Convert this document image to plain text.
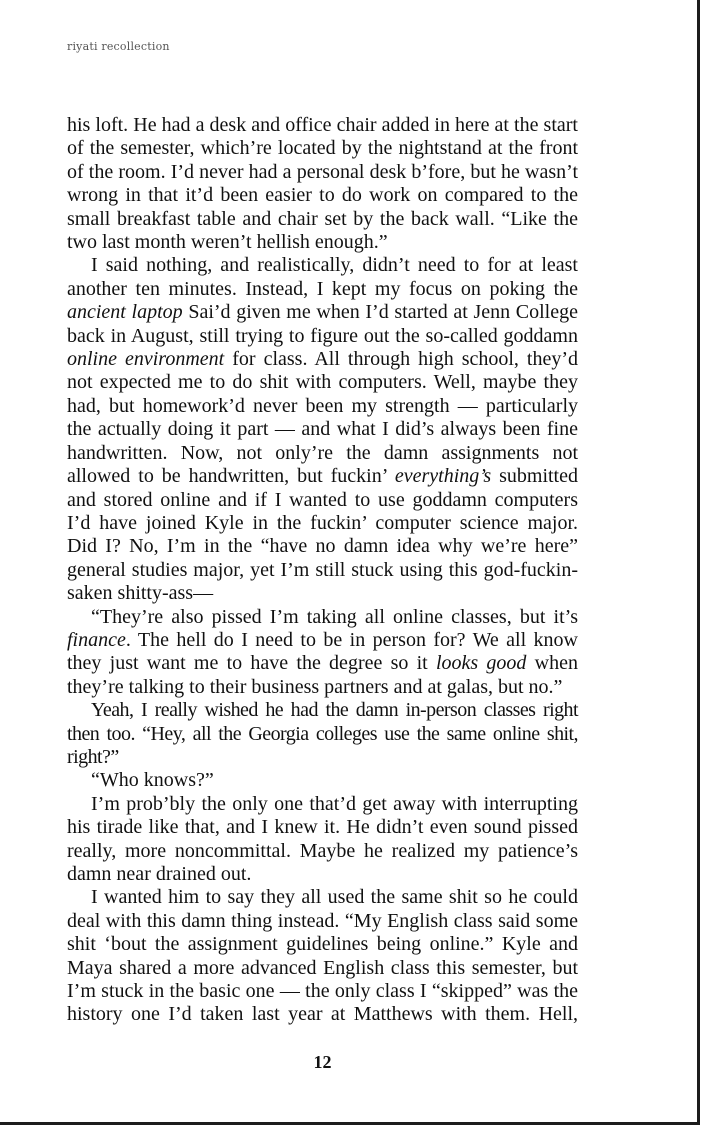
riyati recollection

his loft. He had a desk and office chair added in here at the start of the semester, which’re located by the nightstand at the front of the room. I’d never had a personal desk b’fore, but he wasn’t wrong in that it’d been easier to do work on compared to the small breakfast table and chair set by the back wall. “Like the two last month weren’t hellish enough.”

I said nothing, and realistically, didn’t need to for at least another ten minutes. Instead, I kept my focus on poking the ancient laptop Sai’d given me when I’d started at Jenn College back in August, still trying to figure out the so-called goddamn online environment for class. All through high school, they’d not expected me to do shit with computers. Well, maybe they had, but homework’d never been my strength — particularly the actually doing it part — and what I did’s always been fine handwritten. Now, not only’re the damn assignments not allowed to be handwritten, but fuckin’ everything’s submitted and stored online and if I wanted to use goddamn computers I’d have joined Kyle in the fuckin’ computer science major. Did I? No, I’m in the “have no damn idea why we’re here” general studies major, yet I’m still stuck using this god-fuckin-saken shitty-ass—

“They’re also pissed I’m taking all online classes, but it’s finance. The hell do I need to be in person for? We all know they just want me to have the degree so it looks good when they’re talking to their business partners and at galas, but no.”

Yeah, I really wished he had the damn in-person classes right then too. “Hey, all the Georgia colleges use the same online shit, right?”

“Who knows?”

I’m prob’bly the only one that’d get away with interrupting his tirade like that, and I knew it. He didn’t even sound pissed really, more noncommittal. Maybe he realized my patience’s damn near drained out.

I wanted him to say they all used the same shit so he could deal with this damn thing instead. “My English class said some shit ‘bout the assignment guidelines being online.” Kyle and Maya shared a more advanced English class this semester, but I’m stuck in the basic one — the only class I “skipped” was the history one I’d taken last year at Matthews with them. Hell,

12
